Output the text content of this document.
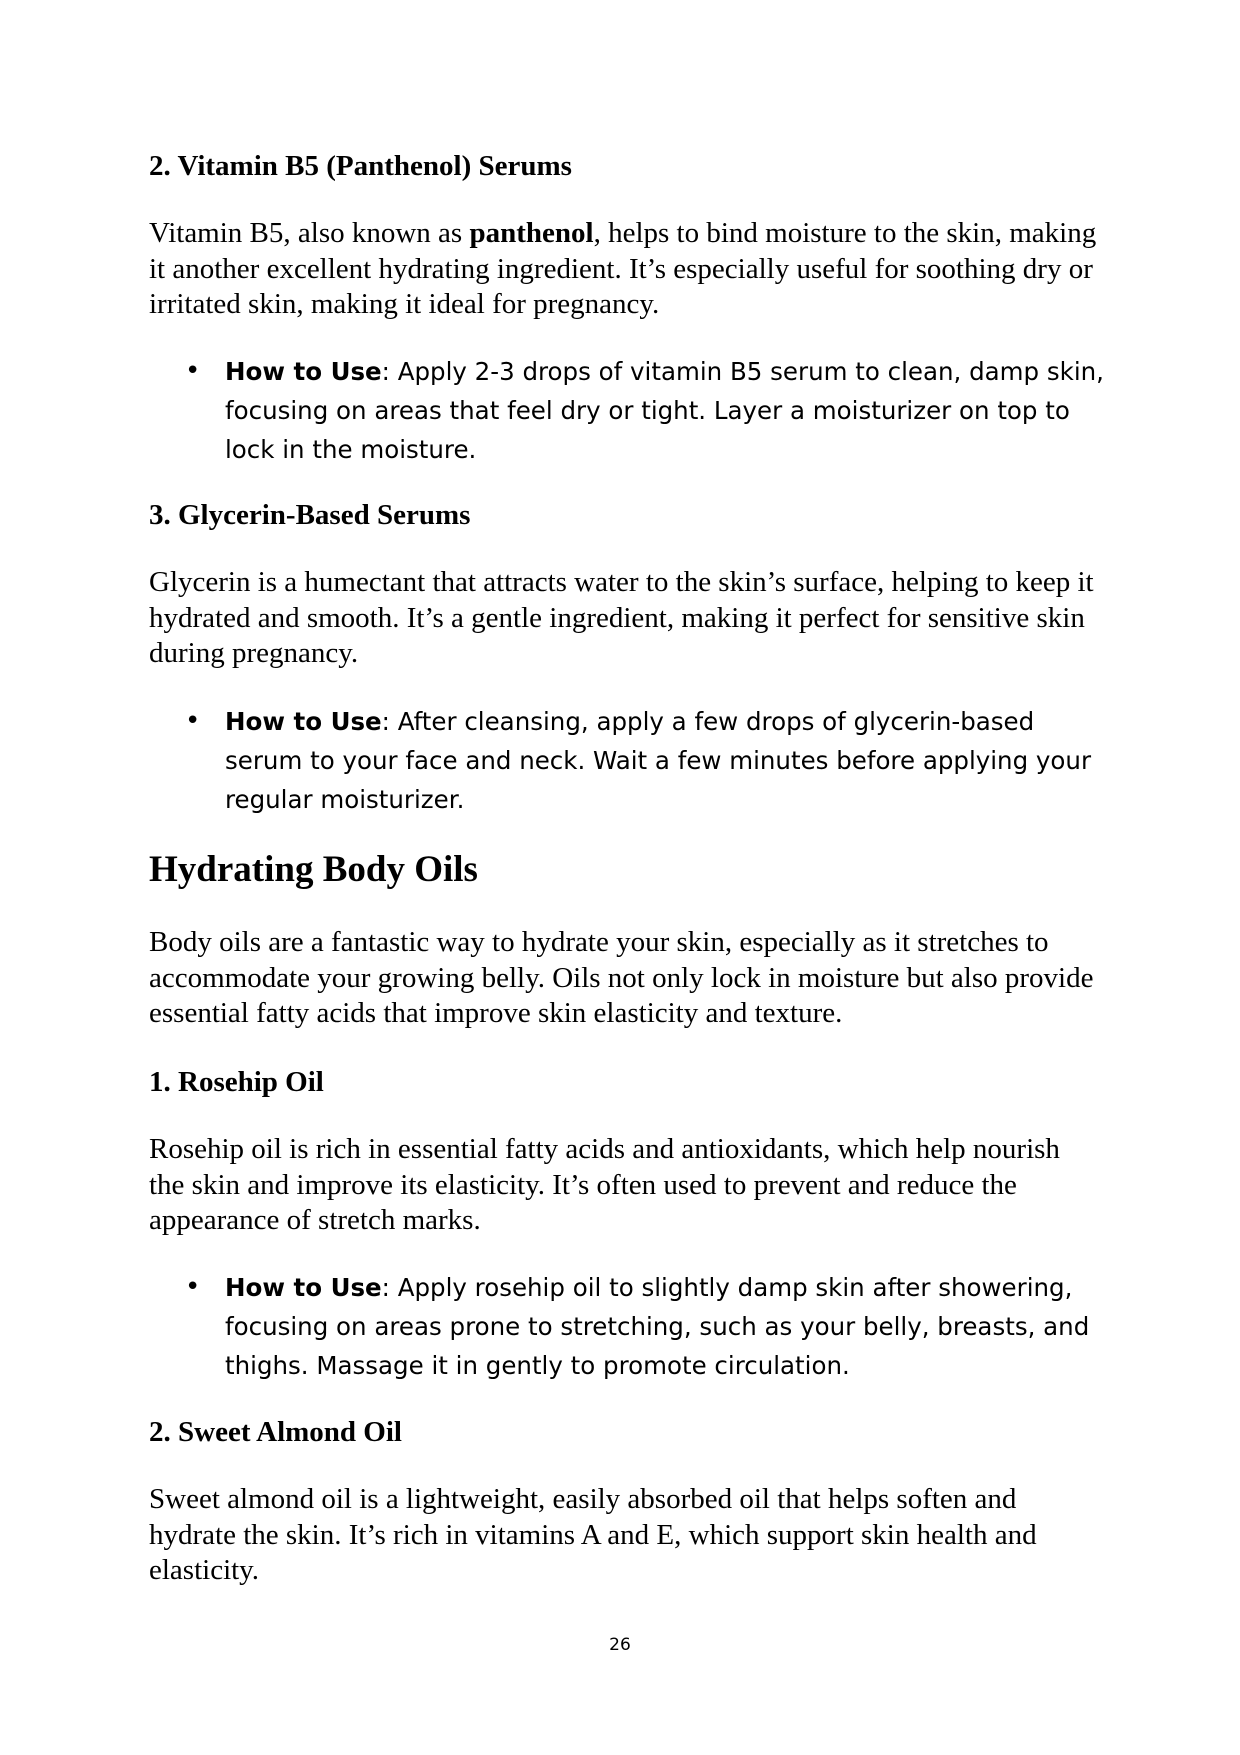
2. Vitamin B5 (Panthenol) Serums

Vitamin B5, also known as panthenol, helps to bind moisture to the skin, making it another excellent hydrating ingredient. It’s especially useful for soothing dry or irritated skin, making it ideal for pregnancy.

• How to Use: Apply 2-3 drops of vitamin B5 serum to clean, damp skin, focusing on areas that feel dry or tight. Layer a moisturizer on top to lock in the moisture.

3. Glycerin-Based Serums

Glycerin is a humectant that attracts water to the skin’s surface, helping to keep it hydrated and smooth. It’s a gentle ingredient, making it perfect for sensitive skin during pregnancy.

• How to Use: After cleansing, apply a few drops of glycerin-based serum to your face and neck. Wait a few minutes before applying your regular moisturizer.

Hydrating Body Oils

Body oils are a fantastic way to hydrate your skin, especially as it stretches to accommodate your growing belly. Oils not only lock in moisture but also provide essential fatty acids that improve skin elasticity and texture.

1. Rosehip Oil

Rosehip oil is rich in essential fatty acids and antioxidants, which help nourish the skin and improve its elasticity. It’s often used to prevent and reduce the appearance of stretch marks.

• How to Use: Apply rosehip oil to slightly damp skin after showering, focusing on areas prone to stretching, such as your belly, breasts, and thighs. Massage it in gently to promote circulation.

2. Sweet Almond Oil

Sweet almond oil is a lightweight, easily absorbed oil that helps soften and hydrate the skin. It’s rich in vitamins A and E, which support skin health and elasticity.

26
